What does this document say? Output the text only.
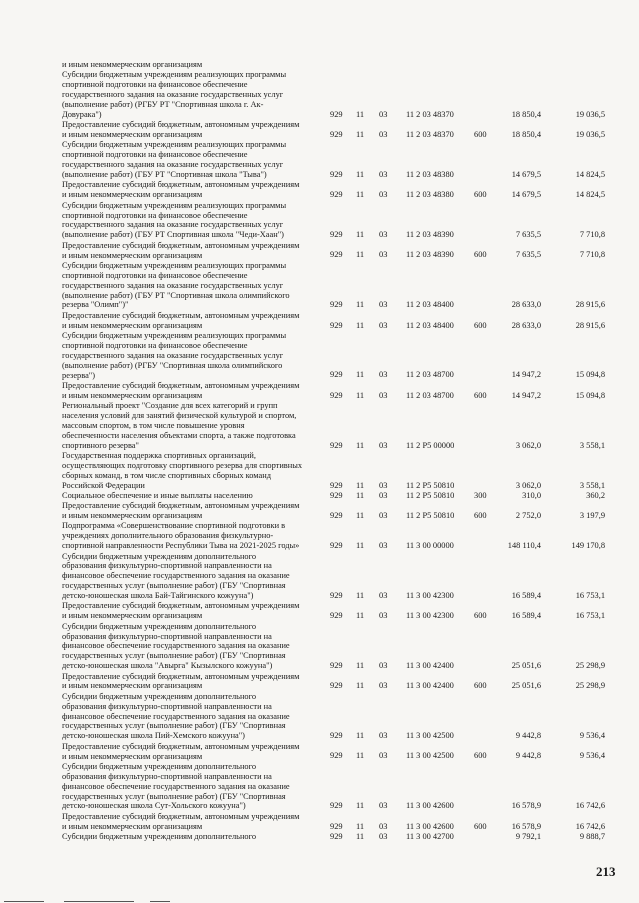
и иным некоммерческим организациям
Субсидии бюджетным учреждениям реализующих программы
спортивной подготовки на финансовое обеспечение
государственного задания на оказание государственных услуг
(выполнение работ) (РГБУ РТ "Спортивная школа г. Ак-
Довурака")	929 11 03 11 2 03 48370	18 850,4	19 036,5
Предоставление субсидий бюджетным, автономным учреждениям
и иным некоммерческим организациям	929 11 03 11 2 03 48370 600	18 850,4	19 036,5
Субсидии бюджетным учреждениям реализующих программы
спортивной подготовки на финансовое обеспечение
государственного задания на оказание государственных услуг
(выполнение работ) (ГБУ РТ "Спортивная школа "Тыва")	929 11 03 11 2 03 48380	14 679,5	14 824,5
Предоставление субсидий бюджетным, автономным учреждениям
и иным некоммерческим организациям	929 11 03 11 2 03 48380 600	14 679,5	14 824,5
Субсидии бюджетным учреждениям реализующих программы
спортивной подготовки на финансовое обеспечение
государственного задания на оказание государственных услуг
(выполнение работ) (ГБУ РТ Спортивная школа "Чеди-Хаан")	929 11 03 11 2 03 48390	7 635,5	7 710,8
Предоставление субсидий бюджетным, автономным учреждениям
и иным некоммерческим организациям	929 11 03 11 2 03 48390 600	7 635,5	7 710,8
Субсидии бюджетным учреждениям реализующих программы
спортивной подготовки на финансовое обеспечение
государственного задания на оказание государственных услуг
(выполнение работ) (ГБУ РТ "Спортивная школа олимпийского
резерва "Олимп")"	929 11 03 11 2 03 48400	28 633,0	28 915,6
Предоставление субсидий бюджетным, автономным учреждениям
и иным некоммерческим организациям	929 11 03 11 2 03 48400 600	28 633,0	28 915,6
Субсидии бюджетным учреждениям реализующих программы
спортивной подготовки на финансовое обеспечение
государственного задания на оказание государственных услуг
(выполнение работ) (РГБУ "Спортивная школа олимпийского
резерва")	929 11 03 11 2 03 48700	14 947,2	15 094,8
Предоставление субсидий бюджетным, автономным учреждениям
и иным некоммерческим организациям	929 11 03 11 2 03 48700 600	14 947,2	15 094,8
Региональный проект "Создание для всех категорий и групп
населения условий для занятий физической культурой и спортом,
массовым спортом, в том числе повышение уровня
обеспеченности населения объектами спорта, а также подготовка
спортивного резерва"	929 11 03 11 2 P5 00000	3 062,0	3 558,1
Государственная поддержка спортивных организаций,
осуществляющих подготовку спортивного резерва для спортивных
сборных команд, в том числе спортивных сборных команд
Российской Федерации	929 11 03 11 2 P5 50810	3 062,0	3 558,1
Социальное обеспечение и иные выплаты населению	929 11 03 11 2 P5 50810 300	310,0	360,2
Предоставление субсидий бюджетным, автономным учреждениям
и иным некоммерческим организациям	929 11 03 11 2 P5 50810 600	2 752,0	3 197,9
Подпрограмма «Совершенствование спортивной подготовки в
учреждениях дополнительного образования физкультурно-
спортивной направленности Республики Тыва на 2021-2025 годы»	929 11 03 11 3 00 00000	148 110,4	149 170,8
Субсидии бюджетным учреждениям дополнительного
образования физкультурно-спортивной направленности на
финансовое обеспечение государственного задания на оказание
государственных услуг (выполнение работ) (ГБУ "Спортивная
детско-юношеская школа Бай-Тайгинского кожууна")	929 11 03 11 3 00 42300	16 589,4	16 753,1
Предоставление субсидий бюджетным, автономным учреждениям
и иным некоммерческим организациям	929 11 03 11 3 00 42300 600	16 589,4	16 753,1
Субсидии бюджетным учреждениям дополнительного
образования физкультурно-спортивной направленности на
финансовое обеспечение государственного задания на оказание
государственных услуг (выполнение работ) (ГБУ "Спортивная
детско-юношеская школа "Авырга" Кызылского кожууна")	929 11 03 11 3 00 42400	25 051,6	25 298,9
Предоставление субсидий бюджетным, автономным учреждениям
и иным некоммерческим организациям	929 11 03 11 3 00 42400 600	25 051,6	25 298,9
Субсидии бюджетным учреждениям дополнительного
образования физкультурно-спортивной направленности на
финансовое обеспечение государственного задания на оказание
государственных услуг (выполнение работ) (ГБУ "Спортивная
детско-юношеская школа Пий-Хемского кожууна")	929 11 03 11 3 00 42500	9 442,8	9 536,4
Предоставление субсидий бюджетным, автономным учреждениям
и иным некоммерческим организациям	929 11 03 11 3 00 42500 600	9 442,8	9 536,4
Субсидии бюджетным учреждениям дополнительного
образования физкультурно-спортивной направленности на
финансовое обеспечение государственного задания на оказание
государственных услуг (выполнение работ) (ГБУ "Спортивная
детско-юношеская школа Сут-Хольского кожууна")	929 11 03 11 3 00 42600	16 578,9	16 742,6
Предоставление субсидий бюджетным, автономным учреждениям
и иным некоммерческим организациям	929 11 03 11 3 00 42600 600	16 578,9	16 742,6
Субсидии бюджетным учреждениям дополнительного	929 11 03 11 3 00 42700	9 792,1	9 888,7
213
